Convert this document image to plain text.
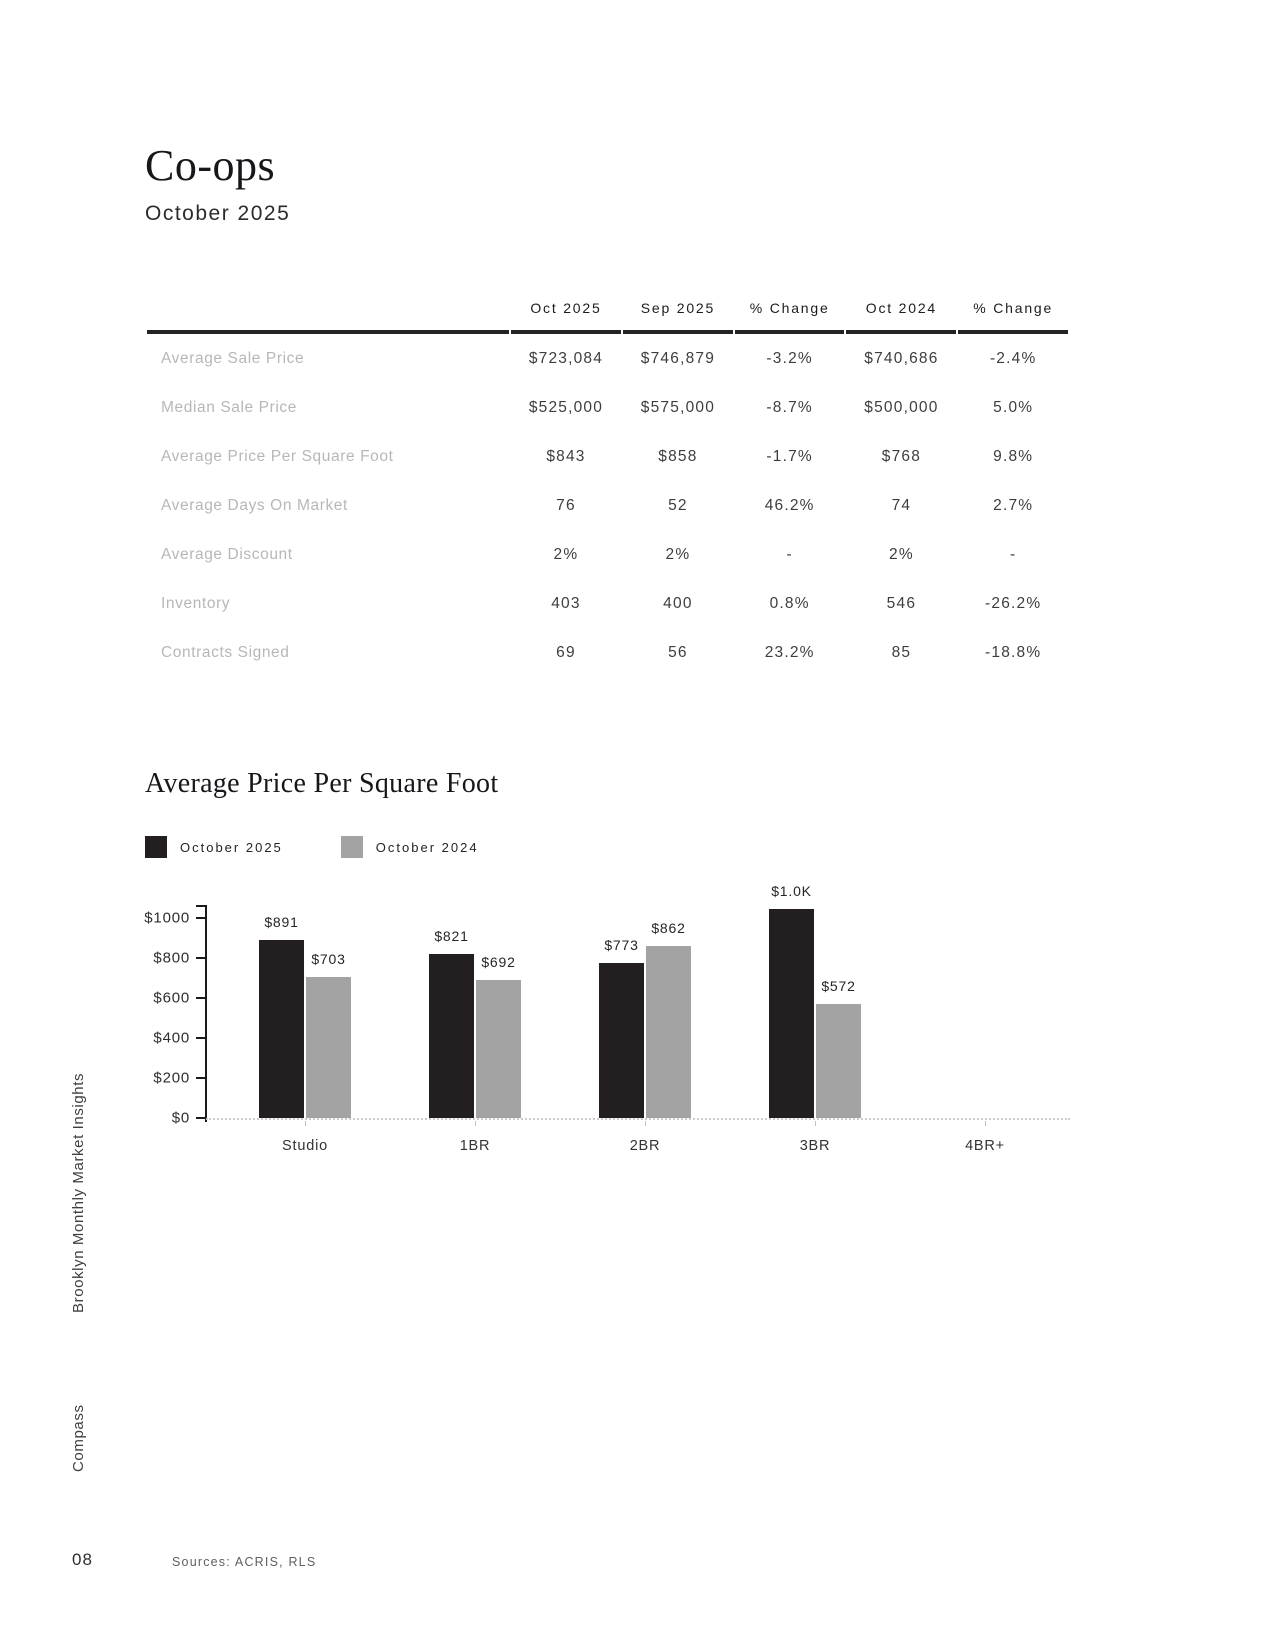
Co-ops
October 2025
	Oct 2025	Sep 2025	% Change	Oct 2024	% Change
Average Sale Price	$723,084	$746,879	-3.2%	$740,686	-2.4%
Median Sale Price	$525,000	$575,000	-8.7%	$500,000	5.0%
Average Price Per Square Foot	$843	$858	-1.7%	$768	9.8%
Average Days On Market	76	52	46.2%	74	2.7%
Average Discount	2%	2%	-	2%	-
Inventory	403	400	0.8%	546	-26.2%
Contracts Signed	69	56	23.2%	85	-18.8%
Average Price Per Square Foot
October 2025	October 2024
$1000
$800
$600
$400
$200
$0
$891
$703
Studio
$821
$692
1BR
$773
$862
2BR
$1.0K
$572
3BR	4BR+
Brooklyn Monthly Market Insights
Compass
08	Sources: ACRIS, RLS
